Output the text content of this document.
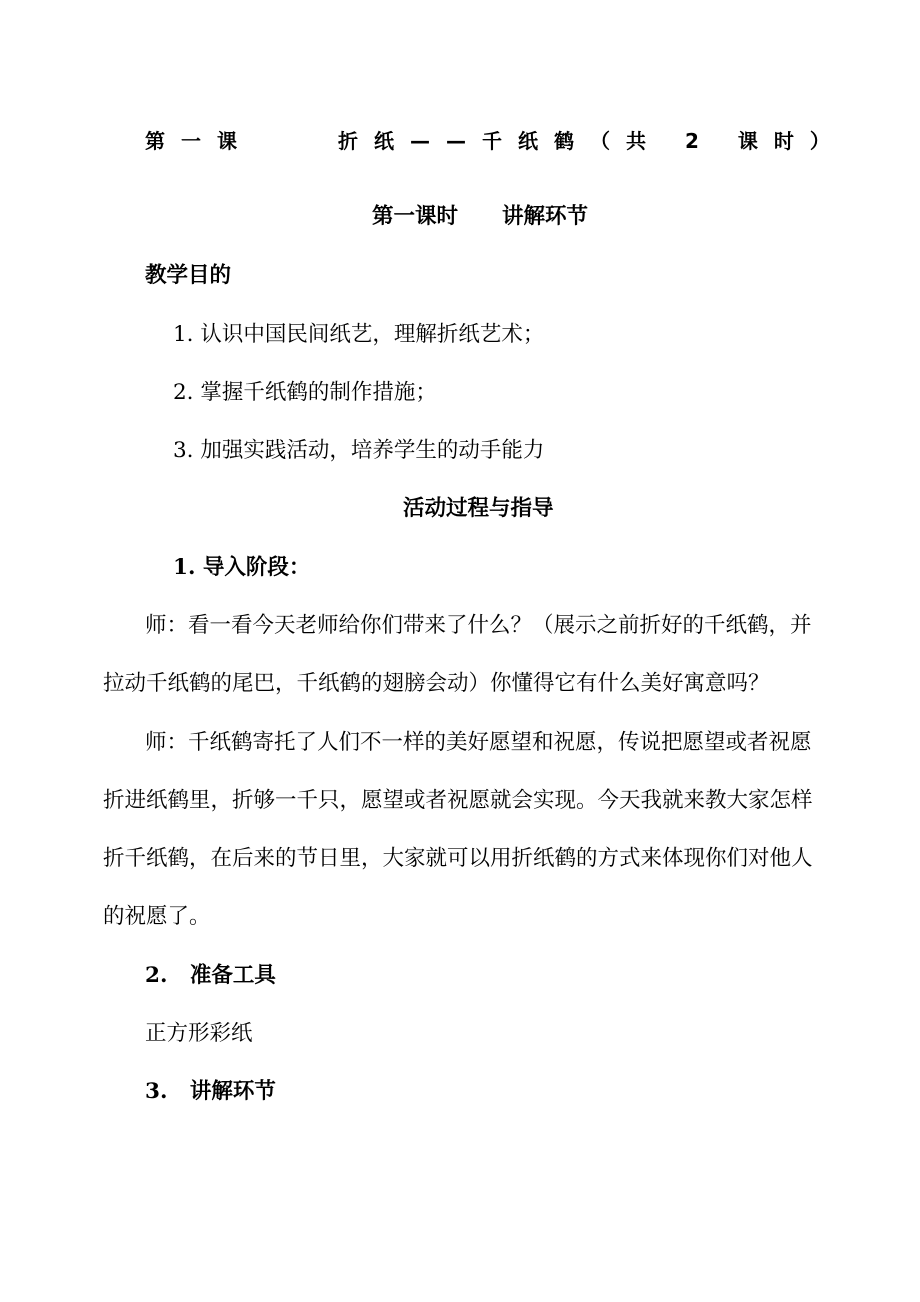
第一课	折纸——千纸鹤（共 2 课时）
第一课时 讲解环节
教学目的
1. 认识中国民间纸艺，理解折纸艺术；
2. 掌握千纸鹤的制作措施；
3. 加强实践活动，培养学生的动手能力
活动过程与指导
1. 导入阶段：
师：看一看今天老师给你们带来了什么？（展示之前折好的千纸鹤，并
拉动千纸鹤的尾巴，千纸鹤的翅膀会动）你懂得它有什么美好寓意吗？
师：千纸鹤寄托了人们不一样的美好愿望和祝愿，传说把愿望或者祝愿
折进纸鹤里，折够一千只，愿望或者祝愿就会实现。今天我就来教大家怎样
折千纸鹤，在后来的节日里，大家就可以用折纸鹤的方式来体现你们对他人
的祝愿了。
2.   准备工具
正方形彩纸
3.   讲解环节
